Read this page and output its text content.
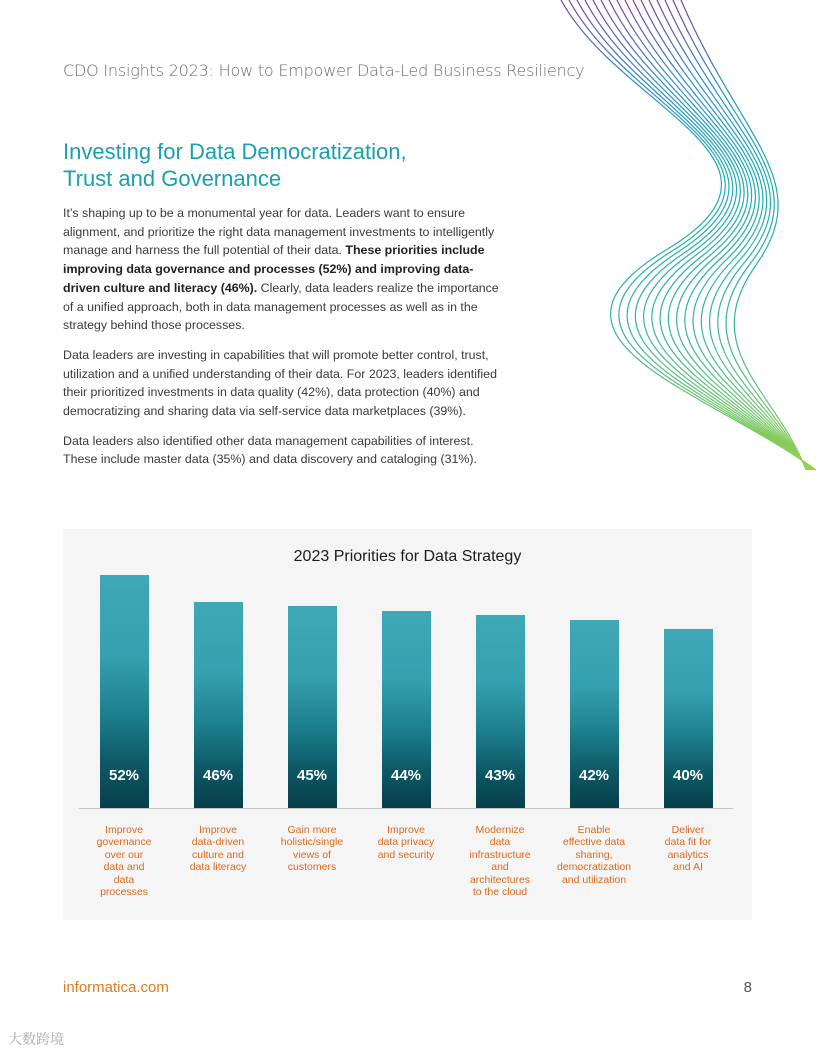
CDO Insights 2023: How to Empower Data-Led Business Resiliency
Investing for Data Democratization,
Trust and Governance

It’s shaping up to be a monumental year for data. Leaders want to ensure alignment, and prioritize the right data management investments to intelligently manage and harness the full potential of their data. These priorities include improving data governance and processes (52%) and improving data-driven culture and literacy (46%). Clearly, data leaders realize the importance of a unified approach, both in data management processes as well as in the strategy behind those processes.

Data leaders are investing in capabilities that will promote better control, trust, utilization and a unified understanding of their data. For 2023, leaders identified their prioritized investments in data quality (42%), data protection (40%) and democratizing and sharing data via self-service data marketplaces (39%).

Data leaders also identified other data management capabilities of interest. These include master data (35%) and data discovery and cataloging (31%).

2023 Priorities for Data Strategy
52%
Improve
governance
over our
data and
data
processes
46%
Improve
data-driven
culture and
data literacy
45%
Gain more
holistic/single
views of
customers
44%
Improve
data privacy
and security
43%
Modernize
data
infrastructure
and
architectures
to the cloud
42%
Enable
effective data
sharing,
democratization
and utilization
40%
Deliver
data fit for
analytics
and AI
informatica.com	8
大数跨境
